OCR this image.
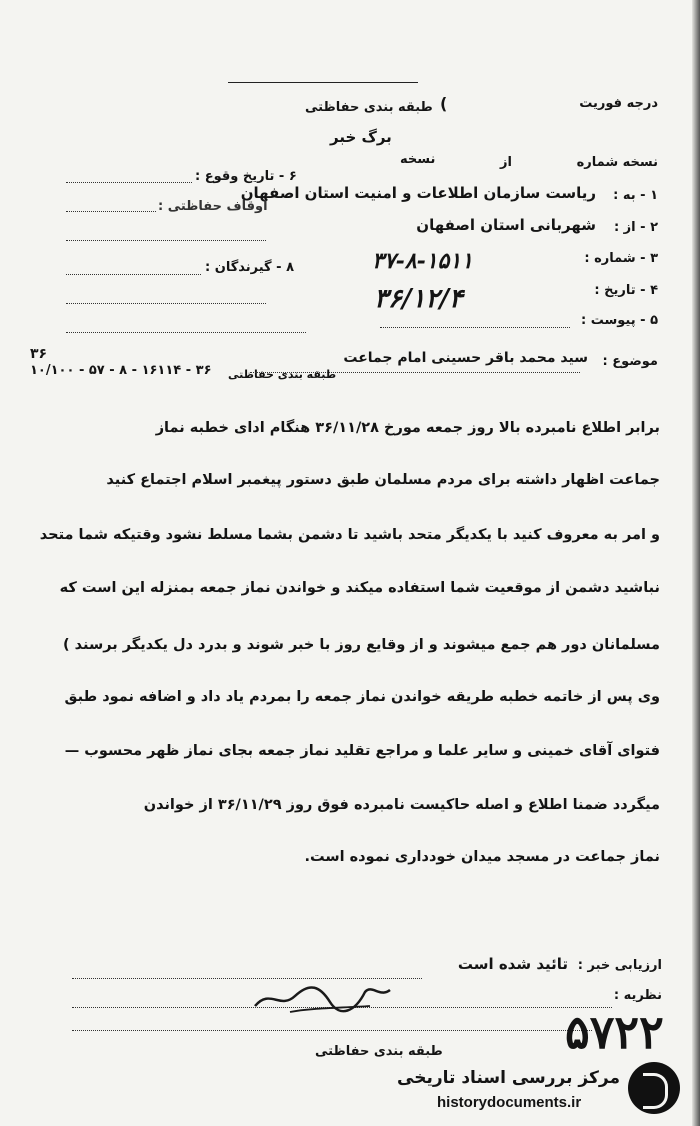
درجه فوریت
(
طبقه بندی حفاظتی
برگ خبر
نسخه شماره
از
نسخه
۶ - تاریخ وقوع :
۸ - گیرندگان :
۱ - به :
ریاست سازمان اطلاعات و امنیت استان اصفهان
اوقاف حفاظتی :
۲ - از :
شهربانی استان اصفهان
۳ - شماره :
۳۷-۸-۱۵۱۱
۴ - تاریخ :
۳۶/۱۲/۴
۵ - پیوست :
۱۰/۱۰۰ - ۵۷ - ۸ - ۱۶۱۱۴ - ۳۶
۳۶
طبقه بندی حفاظتی
موضوع :
سید محمد باقر حسینی امام جماعت
برابر اطلاع نامبرده بالا روز جمعه مورخ ۳۶/۱۱/۲۸ هنگام ادای خطبه نماز
جماعت اظهار داشته برای مردم مسلمان طبق دستور پیغمبر اسلام اجتماع کنید
و امر به معروف کنید با یکدیگر متحد باشید تا دشمن بشما مسلط نشود وقتیکه شما متحد
نباشید دشمن از موقعیت شما استفاده میکند و خواندن نماز جمعه بمنزله این است که
مسلمانان دور هم جمع میشوند و از وقایع روز با خبر شوند و بدرد دل یکدیگر برسند )
وی پس از خاتمه خطبه طریقه خواندن نماز جمعه را بمردم یاد داد و اضافه نمود طبق
فتوای آقای خمینی و سایر علما و مراجع تقلید نماز جمعه بجای نماز ظهر محسوب —
میگردد ضمنا اطلاع و اصله حاکیست نامبرده فوق روز ۳۶/۱۱/۲۹ از خواندن
نماز جماعت در مسجد میدان خودداری نموده است.
ارزیابی خبر :
تائید شده است
نظریه :
طبقه بندی حفاظتی	۵۷۲۲
مرکز بررسی اسناد تاریخی
historydocuments.ir
